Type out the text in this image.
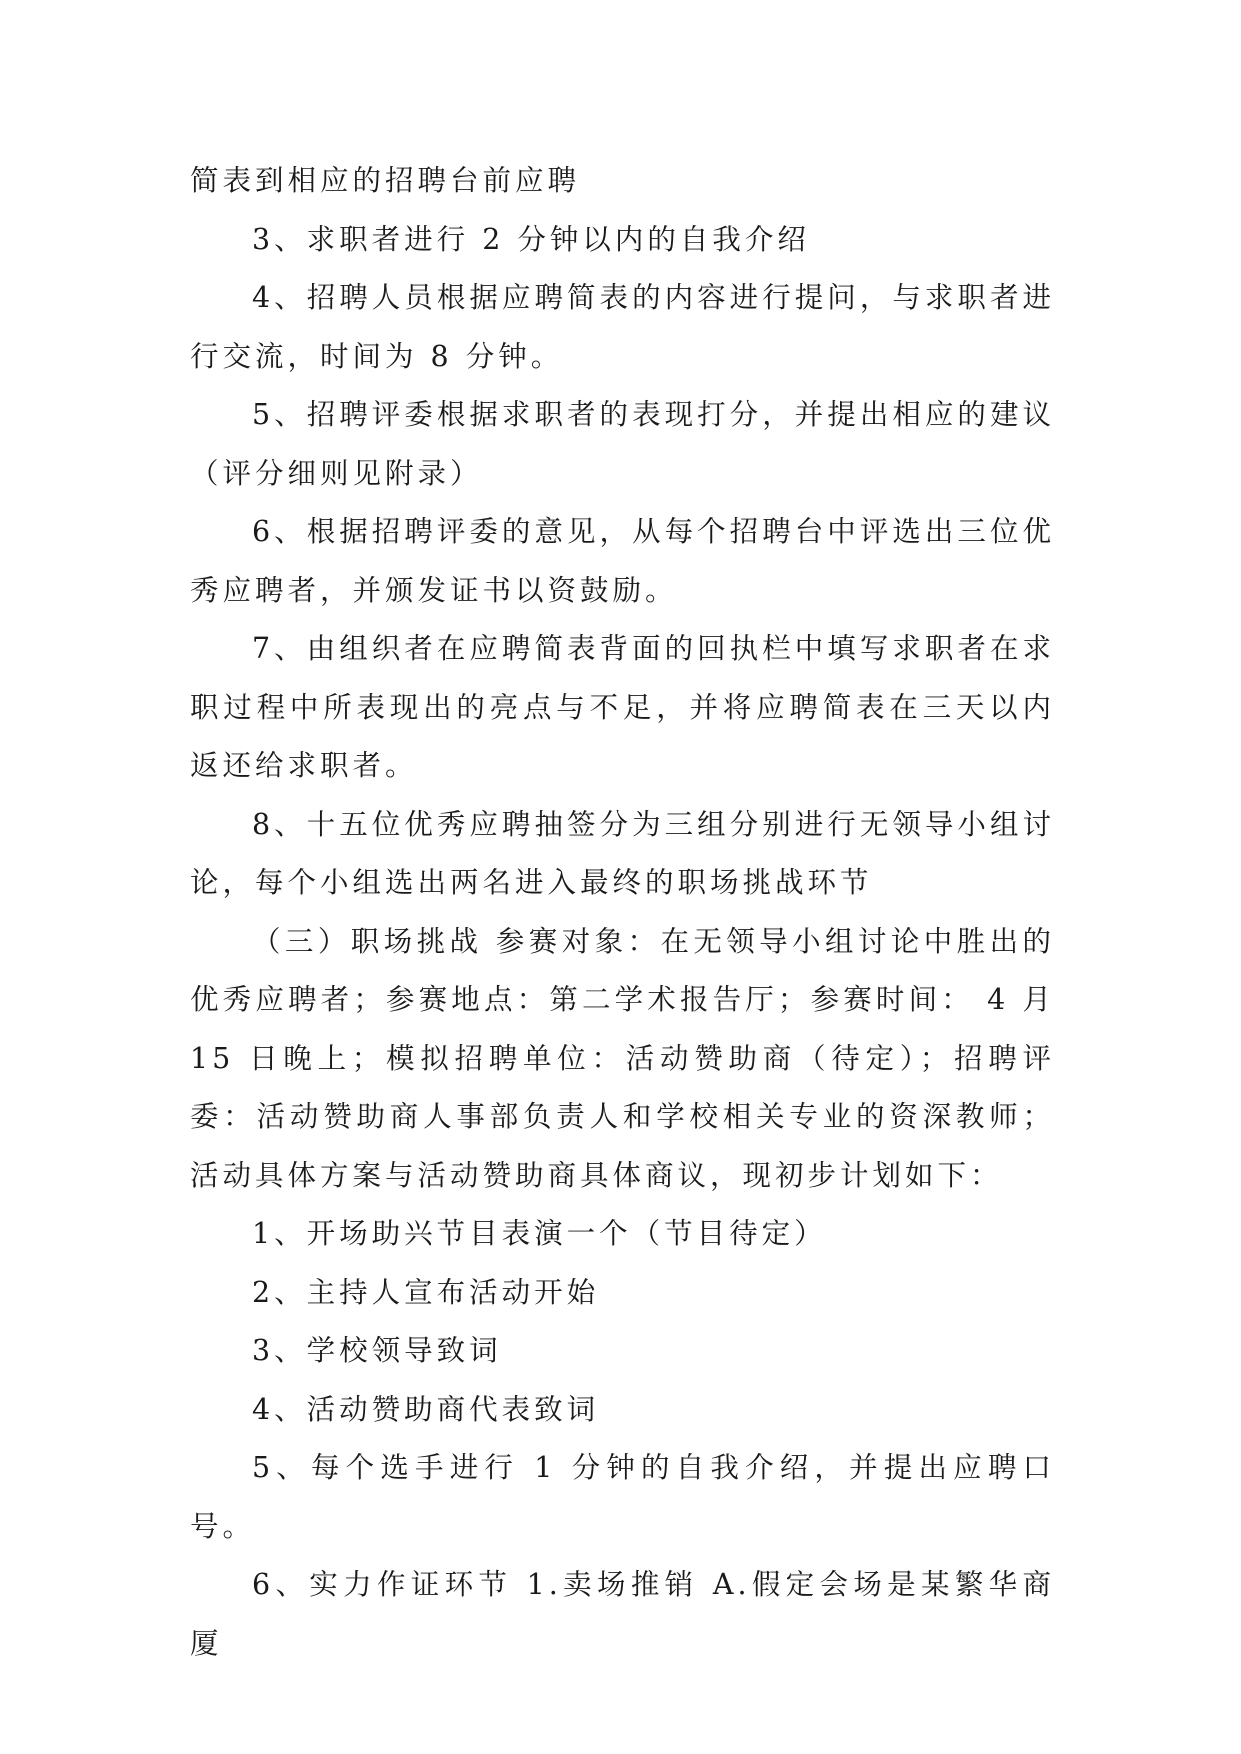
简表到相应的招聘台前应聘

3、求职者进行 2 分钟以内的自我介绍

4、招聘人员根据应聘简表的内容进行提问，与求职者进行交流，时间为 8 分钟。

5、招聘评委根据求职者的表现打分，并提出相应的建议（评分细则见附录）

6、根据招聘评委的意见，从每个招聘台中评选出三位优秀应聘者，并颁发证书以资鼓励。

7、由组织者在应聘简表背面的回执栏中填写求职者在求职过程中所表现出的亮点与不足，并将应聘简表在三天以内返还给求职者。

8、十五位优秀应聘抽签分为三组分别进行无领导小组讨论，每个小组选出两名进入最终的职场挑战环节

（三）职场挑战 参赛对象：在无领导小组讨论中胜出的优秀应聘者；参赛地点：第二学术报告厅；参赛时间： 4 月 15 日晚上；模拟招聘单位：活动赞助商（待定）；招聘评委：活动赞助商人事部负责人和学校相关专业的资深教师；活动具体方案与活动赞助商具体商议，现初步计划如下：

1、开场助兴节目表演一个（节目待定）

2、主持人宣布活动开始

3、学校领导致词

4、活动赞助商代表致词

5、每个选手进行 1 分钟的自我介绍，并提出应聘口号。

6、实力作证环节 1.卖场推销 A.假定会场是某繁华商厦
